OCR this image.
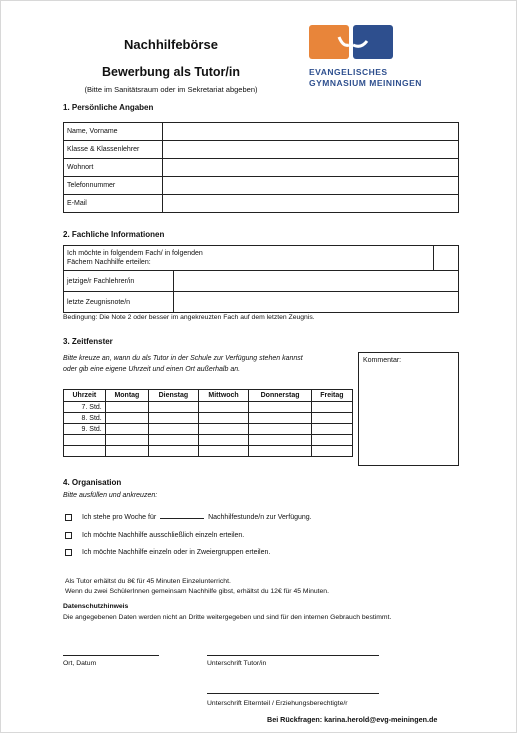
Nachhilfebörse
Bewerbung als Tutor/in
(Bitte im Sanitätsraum oder im Sekretariat abgeben)
EVANGELISCHES
GYMNASIUM MEININGEN
1. Persönliche Angaben
Name, Vorname	
Klasse & Klassenlehrer	
Wohnort	
Telefonnummer	
E-Mail	
2. Fachliche Informationen
Ich möchte in folgendem Fach/ in folgenden
Fächern Nachhilfe erteilen:		
jetzige/r Fachlehrer/in		
letzte Zeugnisnote/n		
Bedingung: Die Note 2 oder besser im angekreuzten Fach auf dem letzten Zeugnis.
3. Zeitfenster
Bitte kreuze an, wann du als Tutor in der Schule zur Verfügung stehen kannst
oder gib eine eigene Uhrzeit und einen Ort außerhalb an.
Uhrzeit	Montag	Dienstag	Mittwoch	Donnerstag	Freitag
7. Std.					
8. Std.					
9. Std.					

Kommentar:
4. Organisation
Bitte ausfüllen und ankreuzen:
Ich stehe pro Woche für	Nachhilfestunde/n zur Verfügung.
Ich möchte Nachhilfe ausschließlich einzeln erteilen.
Ich möchte Nachhilfe einzeln oder in Zweiergruppen erteilen.
Als Tutor erhältst du 8€ für 45 Minuten Einzelunterricht.
Wenn du zwei SchülerInnen gemeinsam Nachhilfe gibst, erhältst du 12€ für 45 Minuten.
Datenschutzhinweis
Die angegebenen Daten werden nicht an Dritte weitergegeben und sind für den internen Gebrauch bestimmt.
Ort, Datum	Unterschrift Tutor/in
Unterschrift Elternteil / Erziehungsberechtigte/r
Bei Rückfragen: karina.herold@evg-meiningen.de
